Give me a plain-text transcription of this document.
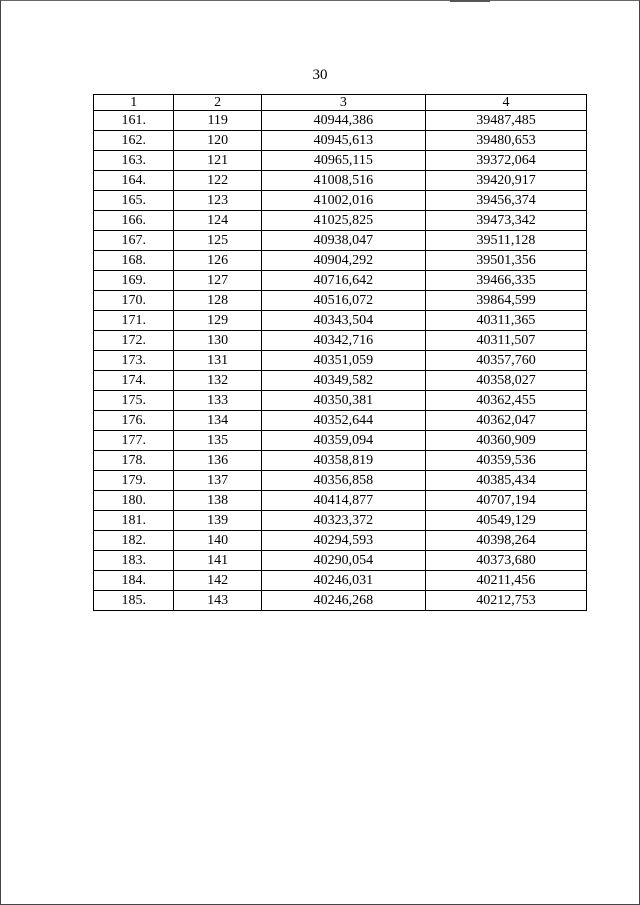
30
1	2	3	4
161.	119	40944,386	39487,485
162.	120	40945,613	39480,653
163.	121	40965,115	39372,064
164.	122	41008,516	39420,917
165.	123	41002,016	39456,374
166.	124	41025,825	39473,342
167.	125	40938,047	39511,128
168.	126	40904,292	39501,356
169.	127	40716,642	39466,335
170.	128	40516,072	39864,599
171.	129	40343,504	40311,365
172.	130	40342,716	40311,507
173.	131	40351,059	40357,760
174.	132	40349,582	40358,027
175.	133	40350,381	40362,455
176.	134	40352,644	40362,047
177.	135	40359,094	40360,909
178.	136	40358,819	40359,536
179.	137	40356,858	40385,434
180.	138	40414,877	40707,194
181.	139	40323,372	40549,129
182.	140	40294,593	40398,264
183.	141	40290,054	40373,680
184.	142	40246,031	40211,456
185.	143	40246,268	40212,753
